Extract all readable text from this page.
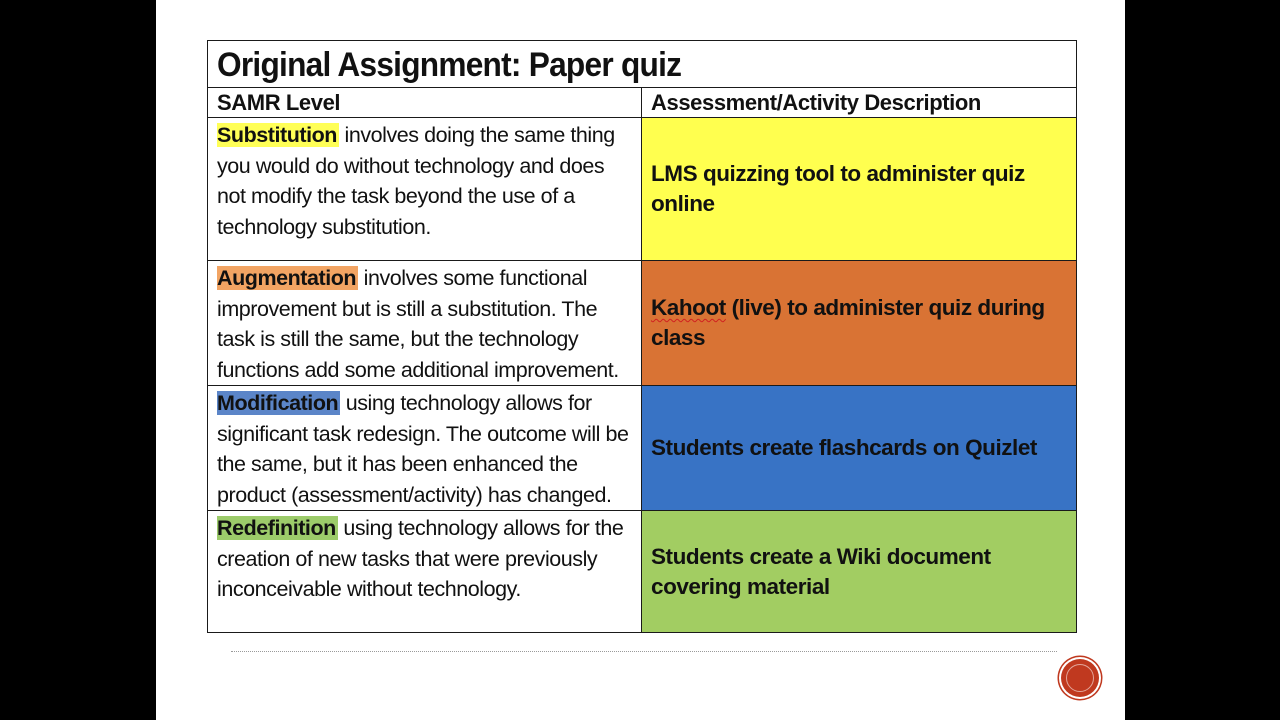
Original Assignment: Paper quiz	
SAMR Level	Assessment/Activity Description
Substitution involves doing the same thing you would do without technology and does not modify the task beyond the use of a technology substitution.	LMS quizzing tool to administer quiz online
Augmentation involves some functional improvement but is still a substitution. The task is still the same, but the technology functions add some additional improvement.	Kahoot (live) to administer quiz during class
Modification using technology allows for significant task redesign. The outcome will be the same, but it has been enhanced the product (assessment/activity) has changed.	Students create flashcards on Quizlet
Redefinition using technology allows for the creation of new tasks that were previously inconceivable without technology.	Students create a Wiki document covering material
